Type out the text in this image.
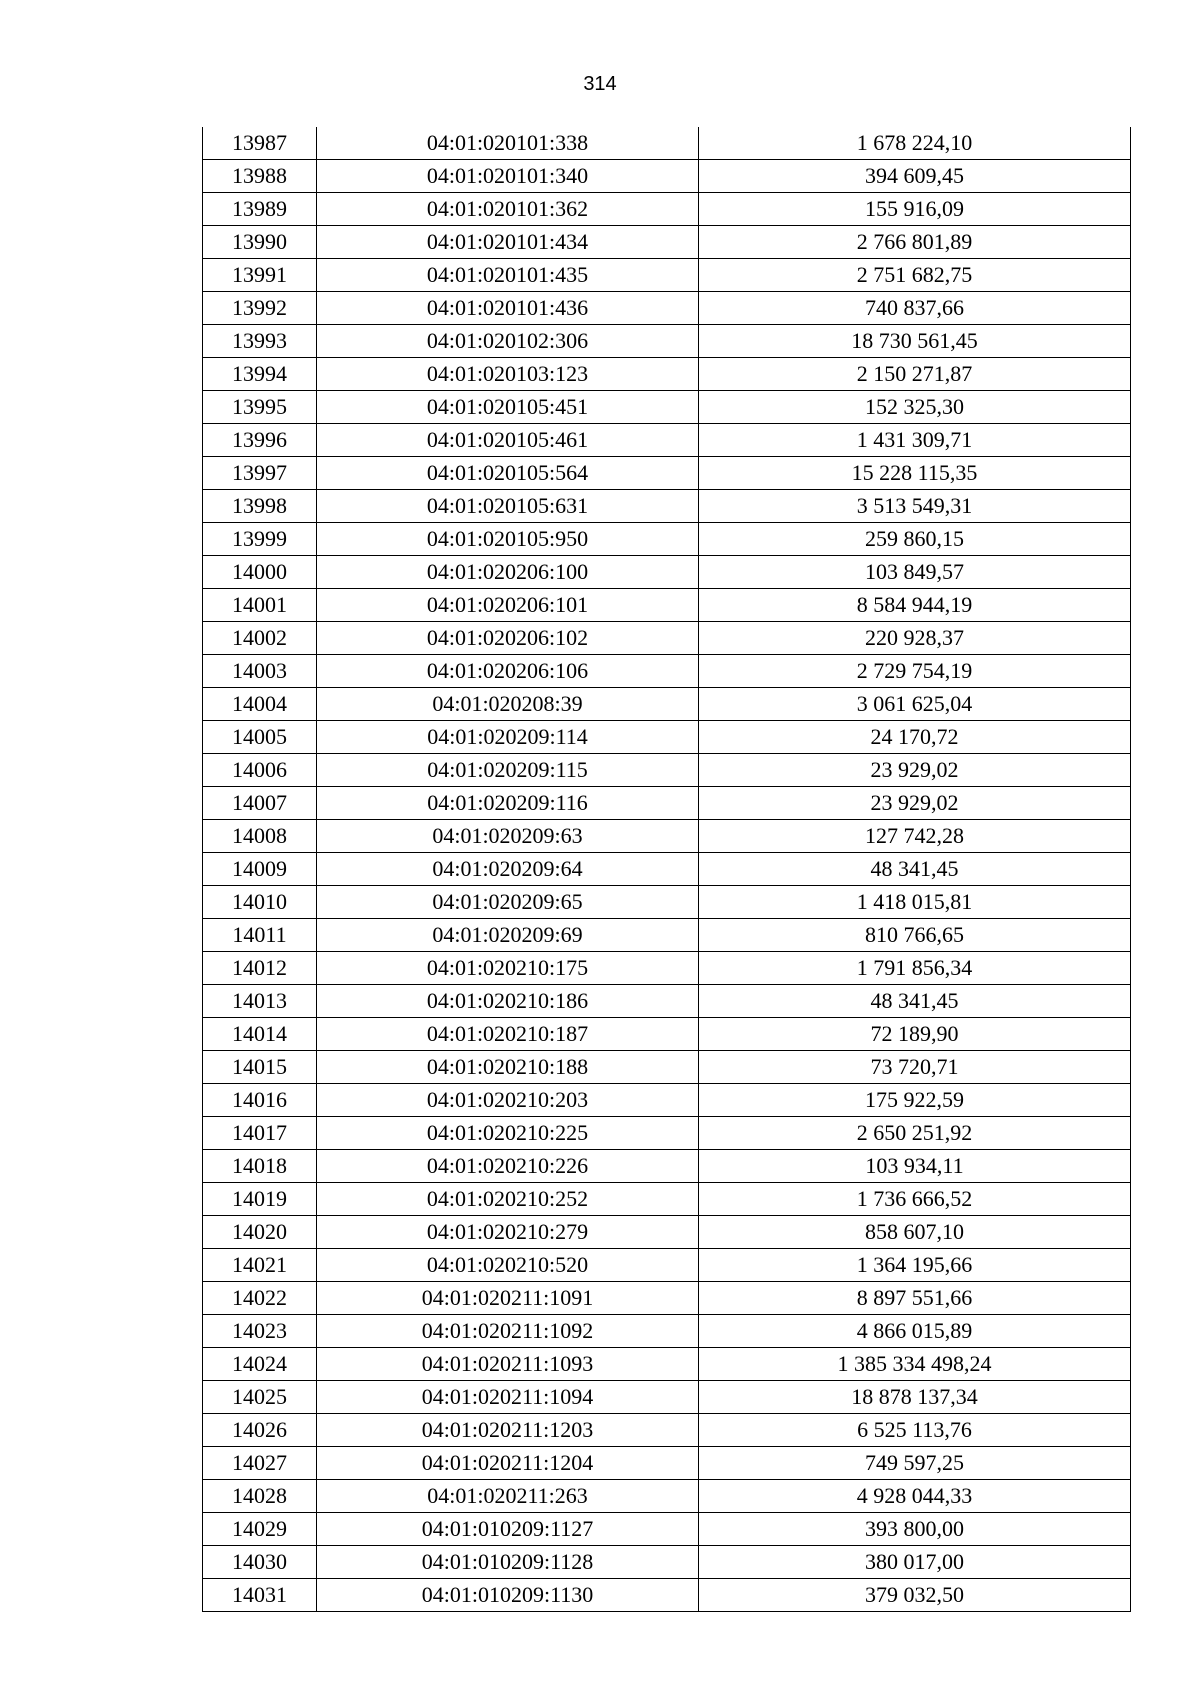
314
13987	04:01:020101:338	1 678 224,10
13988	04:01:020101:340	394 609,45
13989	04:01:020101:362	155 916,09
13990	04:01:020101:434	2 766 801,89
13991	04:01:020101:435	2 751 682,75
13992	04:01:020101:436	740 837,66
13993	04:01:020102:306	18 730 561,45
13994	04:01:020103:123	2 150 271,87
13995	04:01:020105:451	152 325,30
13996	04:01:020105:461	1 431 309,71
13997	04:01:020105:564	15 228 115,35
13998	04:01:020105:631	3 513 549,31
13999	04:01:020105:950	259 860,15
14000	04:01:020206:100	103 849,57
14001	04:01:020206:101	8 584 944,19
14002	04:01:020206:102	220 928,37
14003	04:01:020206:106	2 729 754,19
14004	04:01:020208:39	3 061 625,04
14005	04:01:020209:114	24 170,72
14006	04:01:020209:115	23 929,02
14007	04:01:020209:116	23 929,02
14008	04:01:020209:63	127 742,28
14009	04:01:020209:64	48 341,45
14010	04:01:020209:65	1 418 015,81
14011	04:01:020209:69	810 766,65
14012	04:01:020210:175	1 791 856,34
14013	04:01:020210:186	48 341,45
14014	04:01:020210:187	72 189,90
14015	04:01:020210:188	73 720,71
14016	04:01:020210:203	175 922,59
14017	04:01:020210:225	2 650 251,92
14018	04:01:020210:226	103 934,11
14019	04:01:020210:252	1 736 666,52
14020	04:01:020210:279	858 607,10
14021	04:01:020210:520	1 364 195,66
14022	04:01:020211:1091	8 897 551,66
14023	04:01:020211:1092	4 866 015,89
14024	04:01:020211:1093	1 385 334 498,24
14025	04:01:020211:1094	18 878 137,34
14026	04:01:020211:1203	6 525 113,76
14027	04:01:020211:1204	749 597,25
14028	04:01:020211:263	4 928 044,33
14029	04:01:010209:1127	393 800,00
14030	04:01:010209:1128	380 017,00
14031	04:01:010209:1130	379 032,50
